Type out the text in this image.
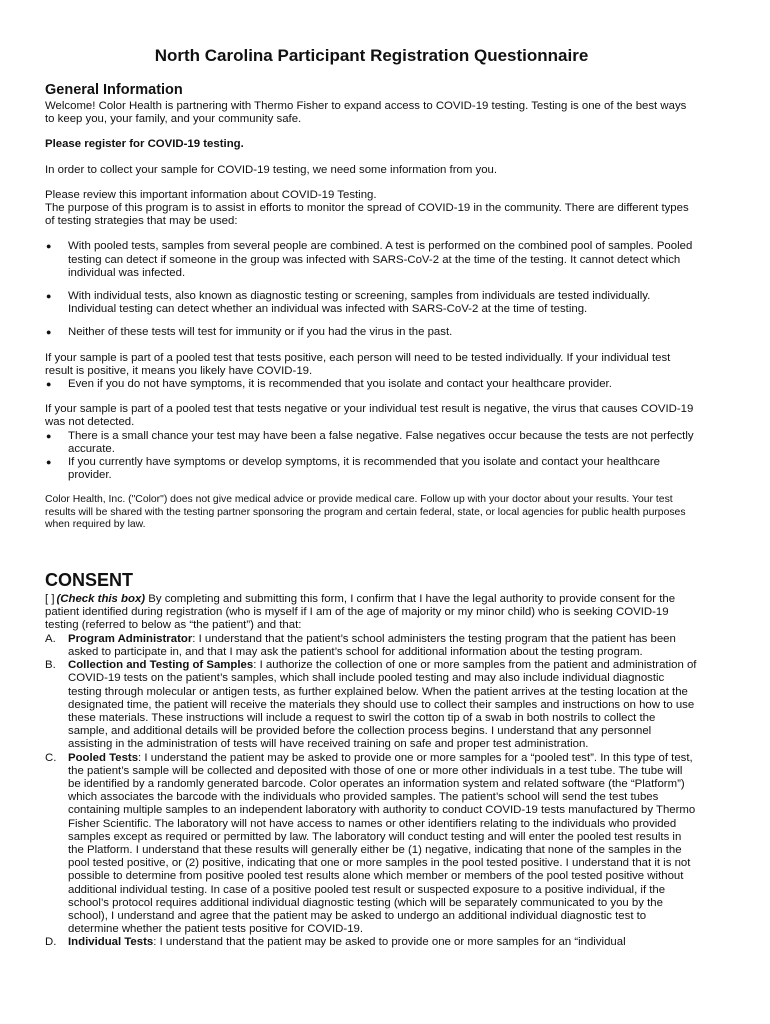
North Carolina Participant Registration Questionnaire
General Information

Welcome! Color Health is partnering with Thermo Fisher to expand access to COVID-19 testing. Testing is one of the best ways to keep you, your family, and your community safe.

Please register for COVID-19 testing.

In order to collect your sample for COVID-19 testing, we need some information from you.

Please review this important information about COVID-19 Testing.

The purpose of this program is to assist in efforts to monitor the spread of COVID-19 in the community. There are different types of testing strategies that may be used:

● With pooled tests, samples from several people are combined. A test is performed on the combined pool of samples. Pooled testing can detect if someone in the group was infected with SARS-CoV-2 at the time of the testing. It cannot detect which individual was infected.
● With individual tests, also known as diagnostic testing or screening, samples from individuals are tested individually. Individual testing can detect whether an individual was infected with SARS-CoV-2 at the time of testing.
● Neither of these tests will test for immunity or if you had the virus in the past.

If your sample is part of a pooled test that tests positive, each person will need to be tested individually. If your individual test result is positive, it means you likely have COVID-19.

● Even if you do not have symptoms, it is recommended that you isolate and contact your healthcare provider.

If your sample is part of a pooled test that tests negative or your individual test result is negative, the virus that causes COVID-19 was not detected.

● There is a small chance your test may have been a false negative. False negatives occur because the tests are not perfectly accurate.
● If you currently have symptoms or develop symptoms, it is recommended that you isolate and contact your healthcare provider.

Color Health, Inc. ("Color") does not give medical advice or provide medical care. Follow up with your doctor about your results. Your test results will be shared with the testing partner sponsoring the program and certain federal, state, or local agencies for public health purposes when required by law.

CONSENT

[ ] (Check this box) By completing and submitting this form, I confirm that I have the legal authority to provide consent for the patient identified during registration (who is myself if I am of the age of majority or my minor child) who is seeking COVID-19 testing (referred to below as “the patient”) and that:

A. Program Administrator: I understand that the patient’s school administers the testing program that the patient has been asked to participate in, and that I may ask the patient’s school for additional information about the testing program.
B. Collection and Testing of Samples: I authorize the collection of one or more samples from the patient and administration of COVID-19 tests on the patient’s samples, which shall include pooled testing and may also include individual diagnostic testing through molecular or antigen tests, as further explained below. When the patient arrives at the testing location at the designated time, the patient will receive the materials they should use to collect their samples and instructions on how to use these materials. These instructions will include a request to swirl the cotton tip of a swab in both nostrils to collect the sample, and additional details will be provided before the collection process begins. I understand that any personnel assisting in the administration of tests will have received training on safe and proper test administration.
C. Pooled Tests: I understand the patient may be asked to provide one or more samples for a “pooled test”. In this type of test, the patient’s sample will be collected and deposited with those of one or more other individuals in a test tube. The tube will be identified by a randomly generated barcode. Color operates an information system and related software (the “Platform”) which associates the barcode with the individuals who provided samples. The patient’s school will send the test tubes containing multiple samples to an independent laboratory with authority to conduct COVID-19 tests manufactured by Thermo Fisher Scientific. The laboratory will not have access to names or other identifiers relating to the individuals who provided samples except as required or permitted by law. The laboratory will conduct testing and will enter the pooled test results in the Platform. I understand that these results will generally either be (1) negative, indicating that none of the samples in the pool tested positive, or (2) positive, indicating that one or more samples in the pool tested positive. I understand that it is not possible to determine from positive pooled test results alone which member or members of the pool tested positive without additional individual testing. In case of a positive pooled test result or suspected exposure to a positive individual, if the school’s protocol requires additional individual diagnostic testing (which will be separately communicated to you by the school), I understand and agree that the patient may be asked to undergo an additional individual diagnostic test to determine whether the patient tests positive for COVID-19.
D. Individual Tests: I understand that the patient may be asked to provide one or more samples for an “individual
